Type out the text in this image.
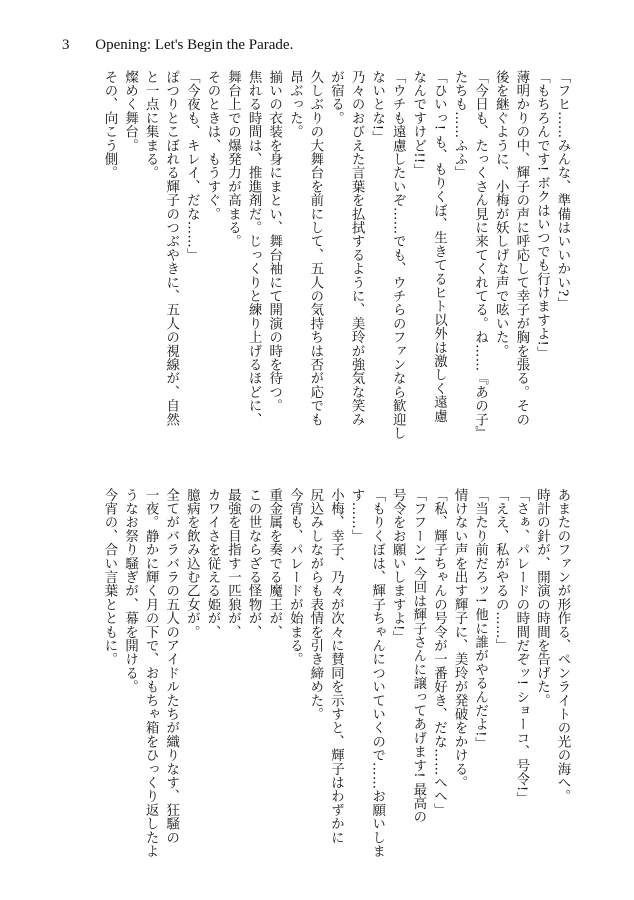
3 Opening: Let's Begin the Parade.
「フヒ……みんな、準備はいいかい?」
「もちろんです! ボクはいつでも行けますよ!」
薄明かりの中、輝子の声に呼応して幸子が胸を張る。その
後を継ぐように、小梅が妖しげな声で呟いた。
「今日も、たっくさん見に来てくれてる。ね……『あの子』
たちも……ふふ」
「ひいっ! も、もりくぼ、生きてるヒト以外は激しく遠慮
なんですけど!!」
「ウチも遠慮したいぞ……でも、ウチらのファンなら歓迎し
ないとな!」
乃々のおびえた言葉を払拭するように、美玲が強気な笑み
が宿る。
久しぶりの大舞台を前にして、五人の気持ちは否が応でも
昂ぶった。
揃いの衣装を身にまとい、舞台袖にて開演の時を待つ。
焦れる時間は、推進剤だ。じっくりと練り上げるほどに、
舞台上での爆発力が高まる。
そのときは、もうすぐ。
「今夜も、キレイ、だな……」
ぽつりとこぼれる輝子のつぶやきに、五人の視線が、自然
と一点に集まる。
燦めく舞台。
その、向こう側。
あまたのファンが形作る、ペンライトの光の海へ。
時計の針が、開演の時間を告げた。
「さぁ、パレードの時間だぞッ! ショーコ、号令!」
「ええ、私がやるの……」
「当たり前だろッ! 他に誰がやるんだよ!」
情けない声を出す輝子に、美玲が発破をかける。
「私、輝子ちゃんの号令が一番好き、だな……へへ」
「フフーン! 今回は輝子さんに譲ってあげます! 最高の
号令をお願いしますよ!」
「もりくぼは、輝子ちゃんについていくので……お願いしま
す……」
小梅、幸子、乃々が次々に賛同を示すと、輝子はわずかに
尻込みしながらも表情を引き締めた。
今宵も、パレードが始まる。
重金属を奏でる魔王が、
この世ならざる怪物が、
最強を目指す一匹狼が、
カワイさを従える姫が、
臆病を飲み込む乙女が。
全てがバラバラの五人のアイドルたちが織りなす、狂騒の
一夜。静かに輝く月の下で、おもちゃ箱をひっくり返したよ
うなお祭り騒ぎが、幕を開ける。
今宵の、合い言葉とともに。
